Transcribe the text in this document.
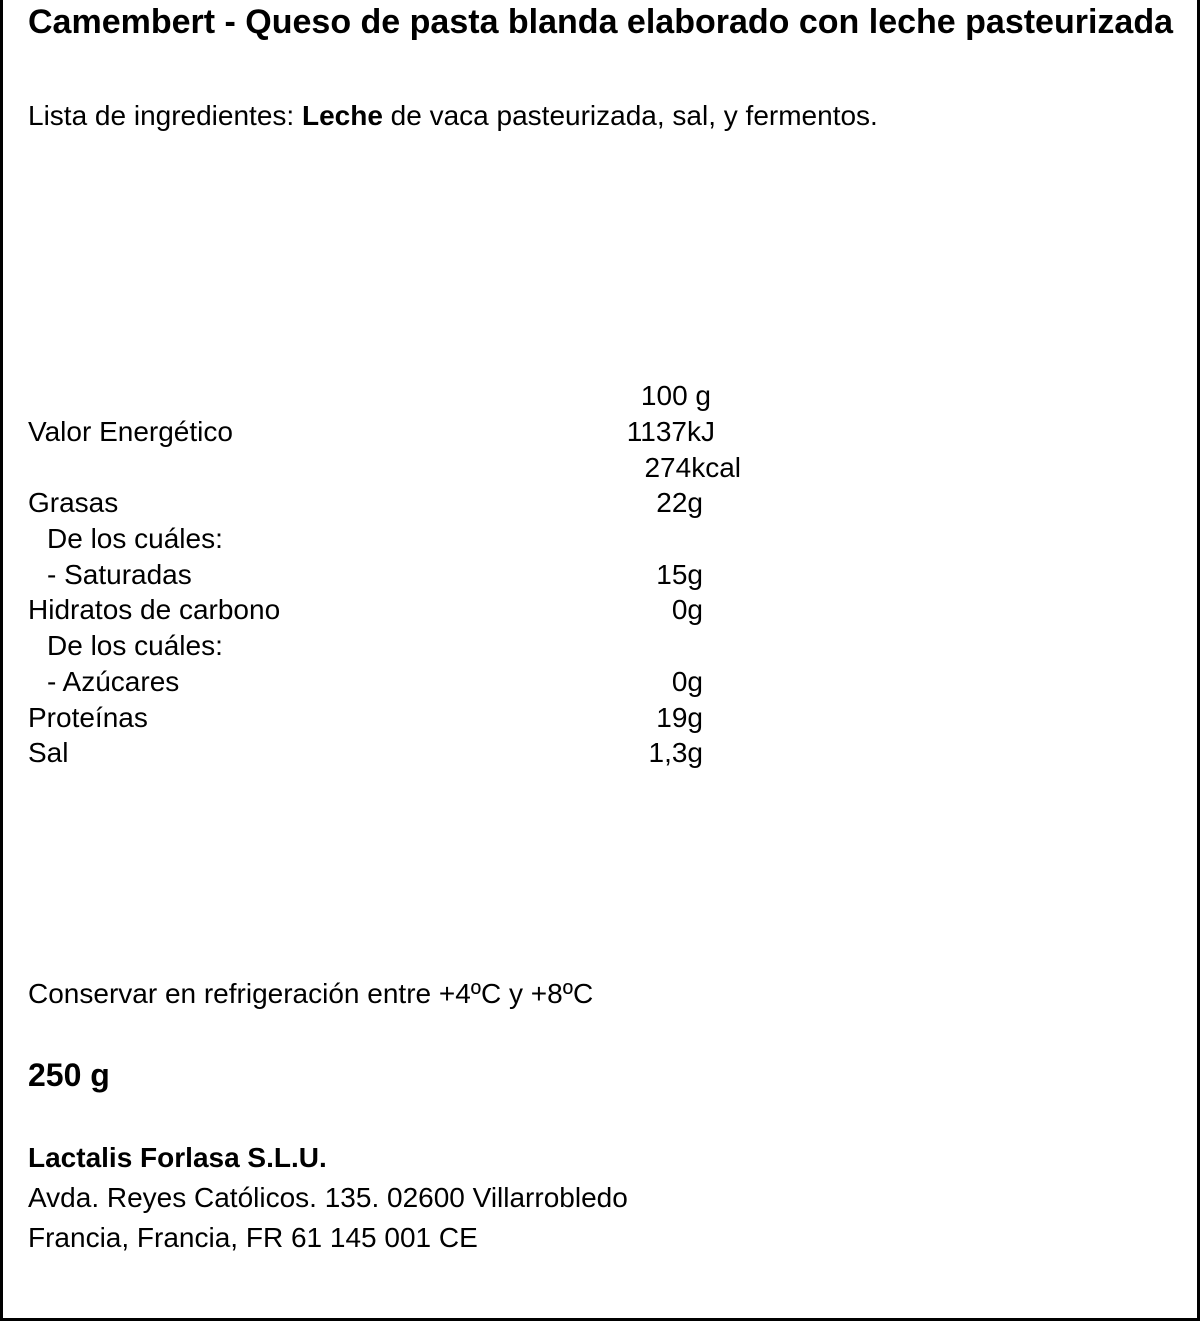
Camembert - Queso de pasta blanda elaborado con leche pasteurizada
Lista de ingredientes: Leche de vaca pasteurizada, sal, y fermentos.
100 g
Valor Energético	1137kJ
274kcal
Grasas	22g
De los cuáles:
- Saturadas	15g
Hidratos de carbono	0g
De los cuáles:
- Azúcares	0g
Proteínas	19g
Sal	1,3g
Conservar en refrigeración entre +4ºC y +8ºC
250 g
Lactalis Forlasa S.L.U.
Avda. Reyes Católicos. 135. 02600 Villarrobledo
Francia, Francia, FR 61 145 001 CE
